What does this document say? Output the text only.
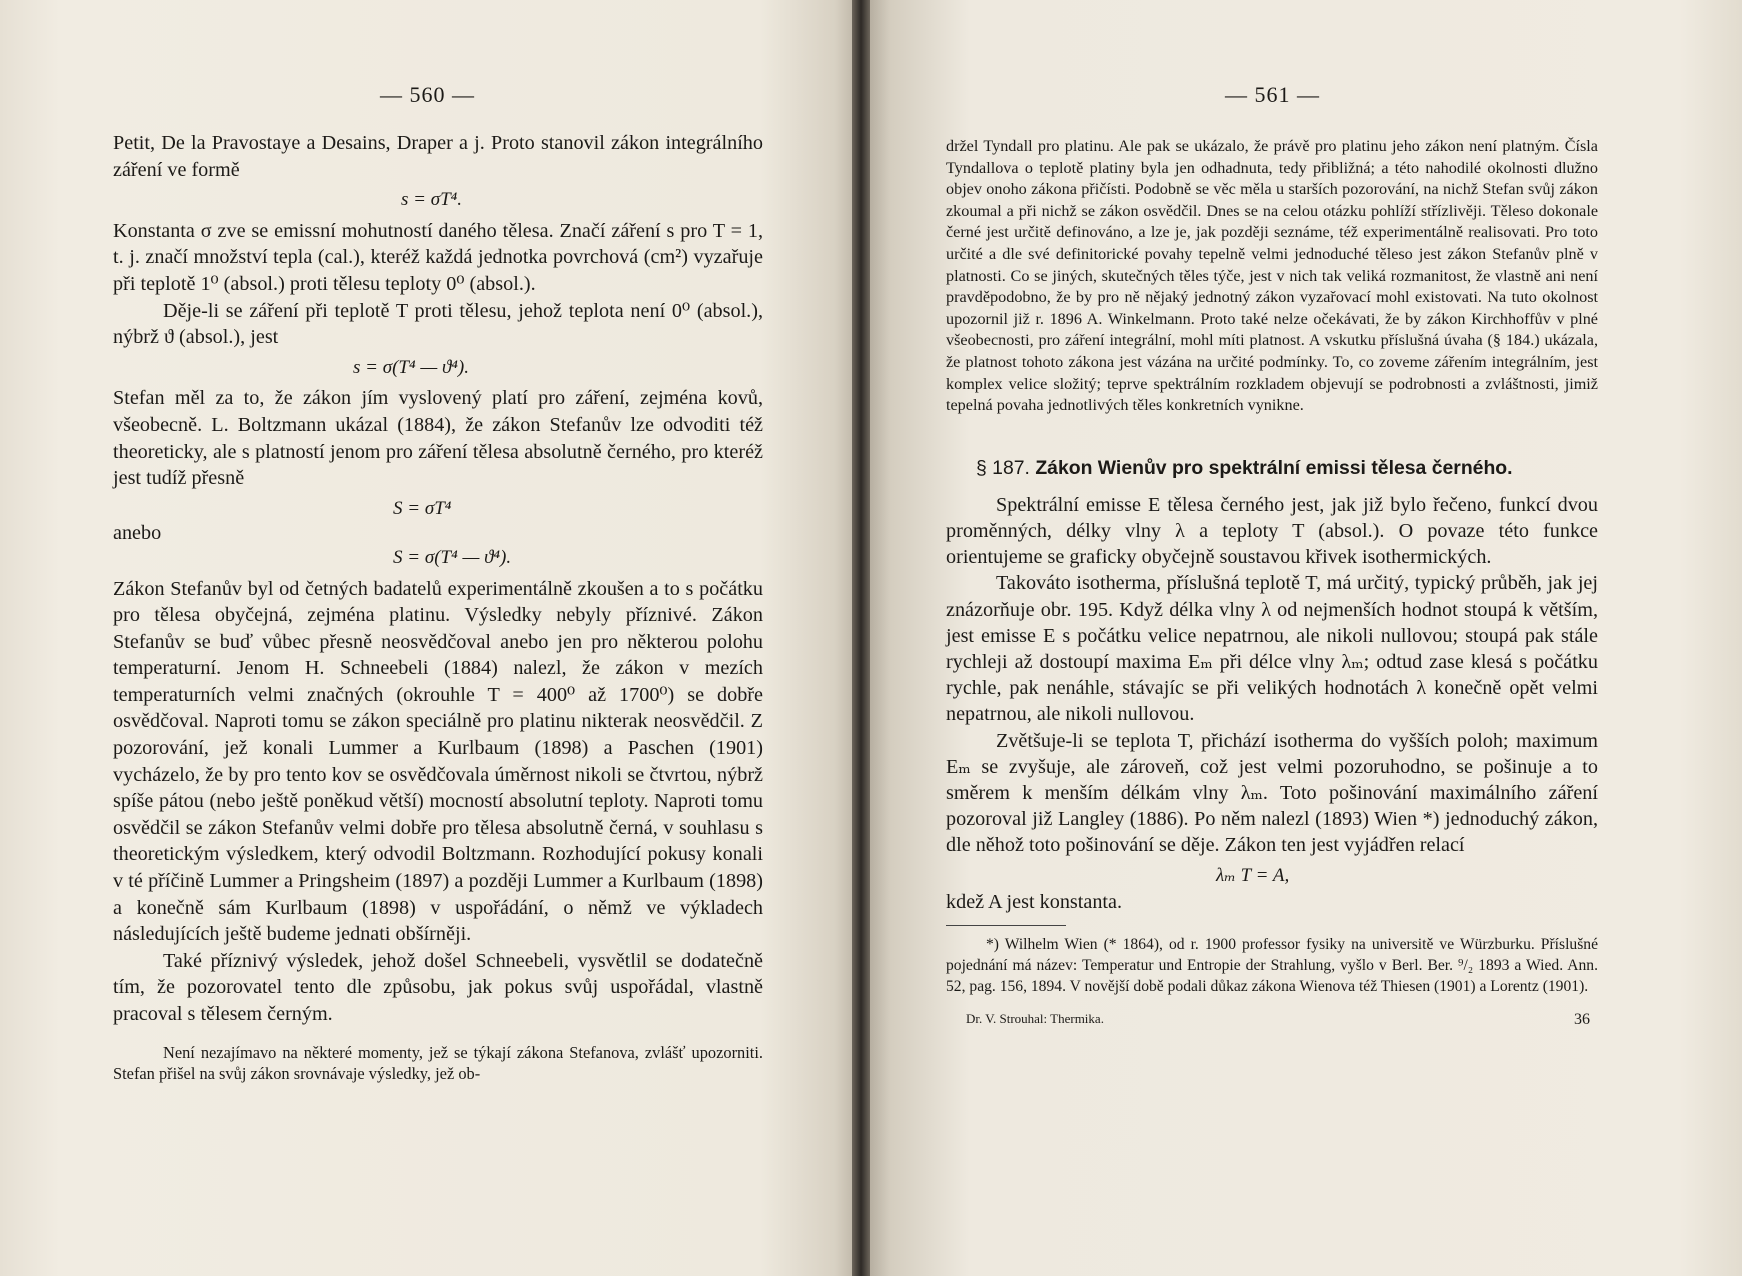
— 560 —

Petit, De la Pravostaye a Desains, Draper a j. Proto stanovil zákon integrálního záření ve formě

s = σT⁴.

Konstanta σ zve se emissní mohutností daného tělesa. Značí záření s pro T = 1, t. j. značí množství tepla (cal.), kteréž každá jednotka povrchová (cm²) vyzařuje při teplotě 1⁰ (absol.) proti tělesu teploty 0⁰ (absol.).

Děje-li se záření při teplotě T proti tělesu, jehož teplota není 0⁰ (absol.), nýbrž ϑ (absol.), jest

s = σ(T⁴ — ϑ⁴).

Stefan měl za to, že zákon jím vyslovený platí pro záření, zejména kovů, všeobecně. L. Boltzmann ukázal (1884), že zákon Stefanův lze odvoditi též theoreticky, ale s platností jenom pro záření tělesa absolutně černého, pro kteréž jest tudíž přesně

S = σT⁴
anebo
S = σ(T⁴ — ϑ⁴).

Zákon Stefanův byl od četných badatelů experimentálně zkoušen a to s počátku pro tělesa obyčejná, zejména platinu. Výsledky nebyly příznivé. Zákon Stefanův se buď vůbec přesně neosvědčoval anebo jen pro některou polohu temperaturní. Jenom H. Schneebeli (1884) nalezl, že zákon v mezích temperaturních velmi značných (okrouhle T = 400⁰ až 1700⁰) se dobře osvědčoval. Naproti tomu se zákon speciálně pro platinu nikterak neosvědčil. Z pozorování, jež konali Lummer a Kurlbaum (1898) a Paschen (1901) vycházelo, že by pro tento kov se osvědčovala úměrnost nikoli se čtvrtou, nýbrž spíše pátou (nebo ještě poněkud větší) mocností absolutní teploty. Naproti tomu osvědčil se zákon Stefanův velmi dobře pro tělesa absolutně černá, v souhlasu s theoretickým výsledkem, který odvodil Boltzmann. Rozhodující pokusy konali v té příčině Lummer a Pringsheim (1897) a později Lummer a Kurlbaum (1898) a konečně sám Kurlbaum (1898) v uspořádání, o němž ve výkladech následujících ještě budeme jednati obšírněji.

Také příznivý výsledek, jehož došel Schneebeli, vysvětlil se dodatečně tím, že pozorovatel tento dle způsobu, jak pokus svůj uspořádal, vlastně pracoval s tělesem černým.

Není nezajímavo na některé momenty, jež se týkají zákona Stefanova, zvlášť upozorniti. Stefan přišel na svůj zákon srovnávaje výsledky, jež ob-

— 561 —

držel Tyndall pro platinu. Ale pak se ukázalo, že právě pro platinu jeho zákon není platným. Čísla Tyndallova o teplotě platiny byla jen odhadnuta, tedy přibližná; a této nahodilé okolnosti dlužno objev onoho zákona přičísti. Podobně se věc měla u starších pozorování, na nichž Stefan svůj zákon zkoumal a při nichž se zákon osvědčil. Dnes se na celou otázku pohlíží střízlivěji. Těleso dokonale černé jest určitě definováno, a lze je, jak později seznáme, též experimentálně realisovati. Pro toto určité a dle své definitorické povahy tepelně velmi jednoduché těleso jest zákon Stefanův plně v platnosti. Co se jiných, skutečných těles týče, jest v nich tak veliká rozmanitost, že vlastně ani není pravděpodobno, že by pro ně nějaký jednotný zákon vyzařovací mohl existovati. Na tuto okolnost upozornil již r. 1896 A. Winkelmann. Proto také nelze očekávati, že by zákon Kirchhoffův v plné všeobecnosti, pro záření integrální, mohl míti platnost. A vskutku příslušná úvaha (§ 184.) ukázala, že platnost tohoto zákona jest vázána na určité podmínky. To, co zoveme zářením integrálním, jest komplex velice složitý; teprve spektrálním rozkladem objevují se podrobnosti a zvláštnosti, jimiž tepelná povaha jednotlivých těles konkretních vynikne.

§ 187. Zákon Wienův pro spektrální emissi tělesa černého.

Spektrální emisse E tělesa černého jest, jak již bylo řečeno, funkcí dvou proměnných, délky vlny λ a teploty T (absol.). O povaze této funkce orientujeme se graficky obyčejně soustavou křivek isothermických.

Takováto isotherma, příslušná teplotě T, má určitý, typický průběh, jak jej znázorňuje obr. 195. Když délka vlny λ od nejmenších hodnot stoupá k větším, jest emisse E s počátku velice nepatrnou, ale nikoli nullovou; stoupá pak stále rychleji až dostoupí maxima Eₘ při délce vlny λₘ; odtud zase klesá s počátku rychle, pak nenáhle, stávajíc se při velikých hodnotách λ konečně opět velmi nepatrnou, ale nikoli nullovou.

Zvětšuje-li se teplota T, přichází isotherma do vyšších poloh; maximum Eₘ se zvyšuje, ale zároveň, což jest velmi pozoruhodno, se pošinuje a to směrem k menším délkám vlny λₘ. Toto pošinování maximálního záření pozoroval již Langley (1886). Po něm nalezl (1893) Wien *) jednoduchý zákon, dle něhož toto pošinování se děje. Zákon ten jest vyjádřen relací

λₘ T = A,

kdež A jest konstanta.

*) Wilhelm Wien (* 1864), od r. 1900 professor fysiky na universitě ve Würzburku. Příslušné pojednání má název: Temperatur und Entropie der Strahlung, vyšlo v Berl. Ber. ⁹/₂ 1893 a Wied. Ann. 52, pag. 156, 1894. V novější době podali důkaz zákona Wienova též Thiesen (1901) a Lorentz (1901).

Dr. V. Strouhal: Thermika.	36
